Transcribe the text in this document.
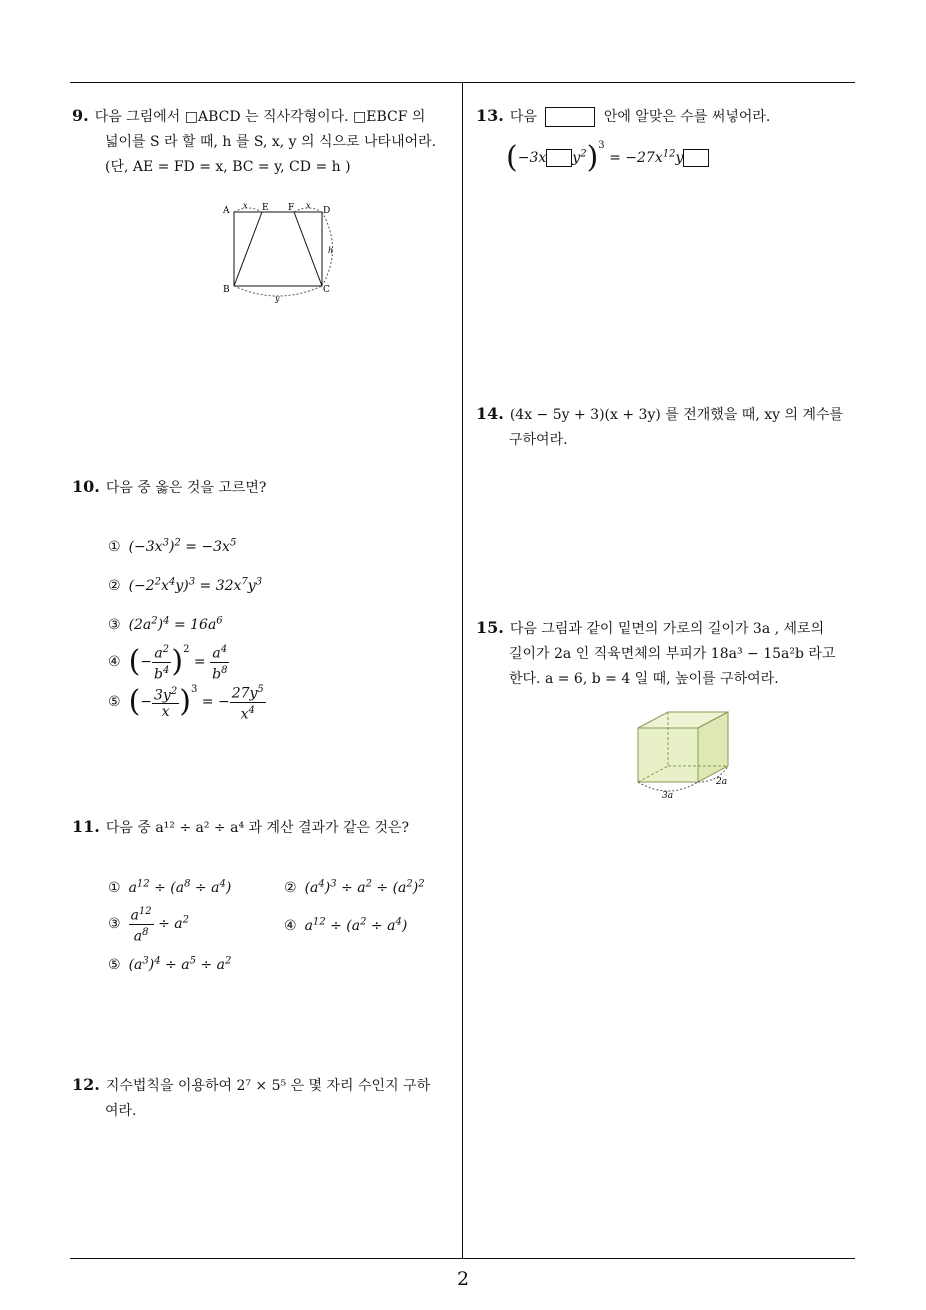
9. 다음 그림에서 □ABCD 는 직사각형이다. □EBCF 의
넓이를 S 라 할 때, h 를 S, x, y 의 식으로 나타내어라.
(단, AE = FD = x, BC = y, CD = h )
A	E F	D
B	C
x	x
h
y
10. 다음 중 옳은 것을 고르면?
① $(-3x^3)^2 = -3x^5$
② $(-2^2x^4y)^3 = 32x^7y^3$
③ $(2a^2)^4 = 16a^6$
④ (− $\frac{a^2}{b^4} )^2 = \frac{a^4}{b^8}$
⑤ (− $\frac{3y^2}{x} )^3$ = − $\frac{27y^5}{x^4}$
11. 다음 중 a¹² ÷ a² ÷ a⁴ 과 계산 결과가 같은 것은?
① $a^{12} \div (a^8 \div a^4)$	② $(a^4)^3 \div a^2 \div (a^2)^2$
③ $\frac{a^{12}}{a^8} \div a^2$	④ $a^{12} \div (a^2 \div a^4)$
⑤ $(a^3)^4 \div a^5 \div a^2$
12. 지수법칙을 이용하여 2⁷ × 5⁵ 은 몇 자리 수인지 구하
여라.
13. 다음	안에 알맞은 수를 써넣어라.
(−3x $y^2)^3 = -27x^{12}y$
14. (4x − 5y + 3)(x + 3y) 를 전개했을 때, xy 의 계수를
구하여라.
15. 다음 그림과 같이 밑면의 가로의 길이가 3a , 세로의
길이가 2a 인 직육면체의 부피가 18a³ − 15a²b 라고
한다. a = 6, b = 4 일 때, 높이를 구하여라.
3a
2a
2
